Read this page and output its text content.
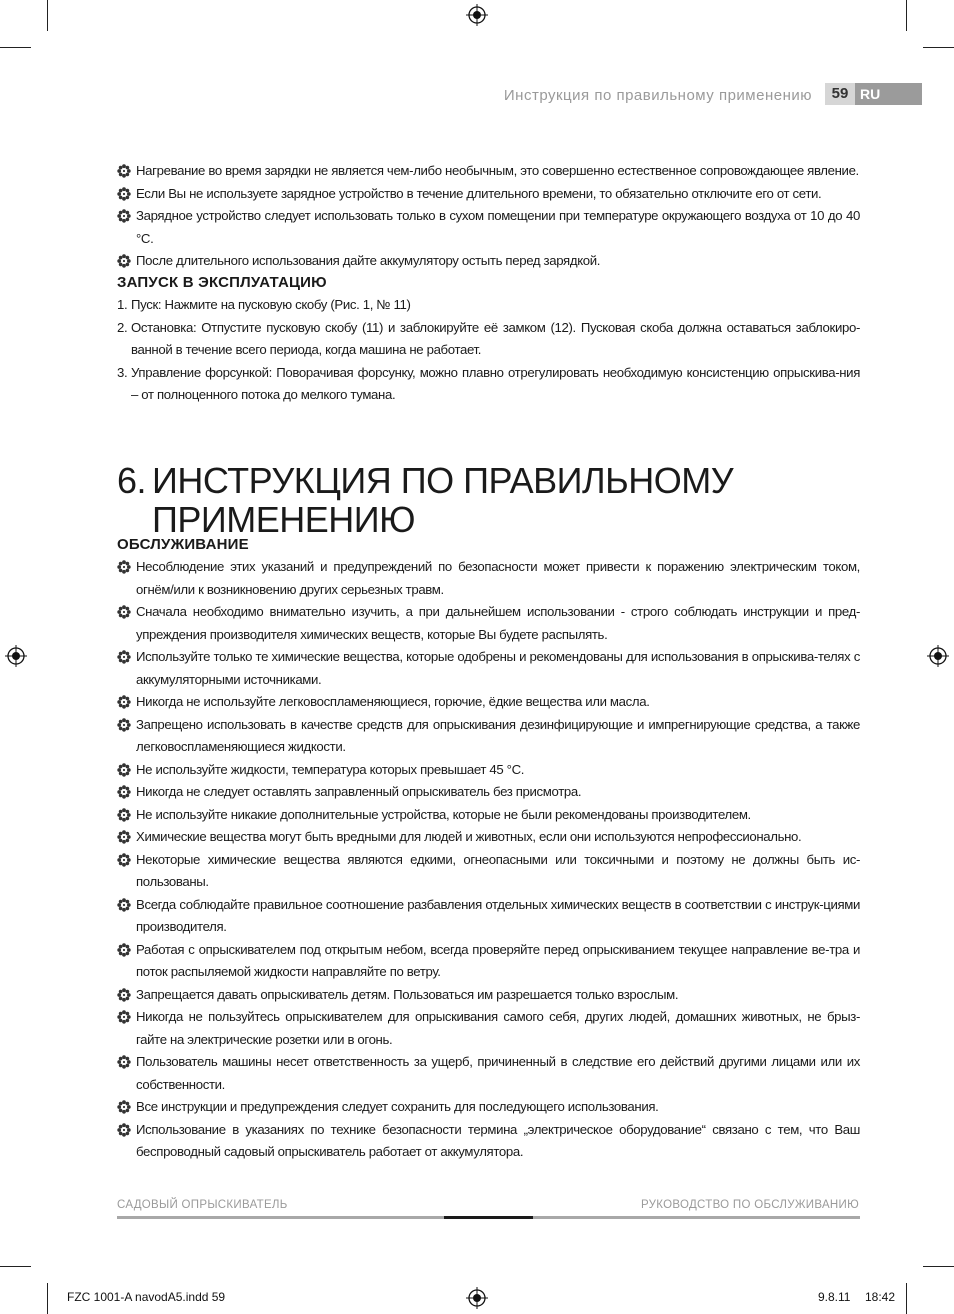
Инструкция по правильному применению	59 RU
Нагревание во время зарядки не является чем-либо необычным, это совершенно естественное сопровождающее явление.
Если Вы не используете зарядное устройство в течение длительного времени, то обязательно отключите его от сети.
Зарядное устройство следует использовать только в сухом помещении при температуре окружающего воздуха от 10 до 40 °C.
После длительного использования дайте аккумулятору остыть перед зарядкой.
ЗАПУСК В ЭКСПЛУАТАЦИЮ
1. Пуск: Нажмите на пусковую скобу (Рис. 1, № 11)
2. Остановка: Отпустите пусковую скобу (11) и заблокируйте её замком (12). Пусковая скоба должна оставаться заблокиро-ванной в течение всего периода, когда машина не работает.
3. Управление форсункой: Поворачивая форсунку, можно плавно отрегулировать необходимую консистенцию опрыскива-ния – от полноценного потока до мелкого тумана.
6. ИНСТРУКЦИЯ ПО ПРАВИЛЬНОМУ ПРИМЕНЕНИЮ
ОБСЛУЖИВАНИЕ
Несоблюдение этих указаний и предупреждений по безопасности может привести к поражению электрическим током, огнём/или к возникновению других серьезных травм.
Сначала необходимо внимательно изучить, а при дальнейшем использовании - строго соблюдать инструкции и пред-упреждения производителя химических веществ, которые Вы будете распылять.
Используйте только те химические вещества, которые одобрены и рекомендованы для использования в опрыскива-телях с аккумуляторными источниками.
Никогда не используйте легковоспламеняющиеся, горючие, ёдкие вещества или масла.
Запрещено использовать в качестве средств для опрыскивания дезинфицирующие и импрегнирующие средства, а также легковоспламеняющиеся жидкости.
Не используйте жидкости, температура которых превышает 45 °C.
Никогда не следует оставлять заправленный опрыскиватель без присмотра.
Не используйте никакие дополнительные устройства, которые не были рекомендованы производителем.
Химические вещества могут быть вредными для людей и животных, если они используются непрофессионально.
Некоторые химические вещества являются едкими, огнеопасными или токсичными и поэтому не должны быть ис-пользованы.
Всегда соблюдайте правильное соотношение разбавления отдельных химических веществ в соответствии с инструк-циями производителя.
Работая с опрыскивателем под открытым небом, всегда проверяйте перед опрыскиванием текущее направление ве-тра и поток распыляемой жидкости направляйте по ветру.
Запрещается давать опрыскиватель детям. Пользоваться им разрешается только взрослым.
Никогда не пользуйтесь опрыскивателем для опрыскивания самого себя, других людей, домашних животных, не брыз-гайте на электрические розетки или в огонь.
Пользователь машины несет ответственность за ущерб, причиненный в следствие его действий другими лицами или их собственности.
Все инструкции и предупреждения следует сохранить для последующего использования.
Использование в указаниях по технике безопасности термина „электрическое оборудование“ связано с тем, что Ваш беспроводный садовый опрыскиватель работает от аккумулятора.
САДОВЫЙ ОПРЫСКИВАТЕЛЬ	РУКОВОДСТВО ПО ОБСЛУЖИВАНИЮ
FZC 1001-A navodA5.indd 59	9.8.11 18:42
